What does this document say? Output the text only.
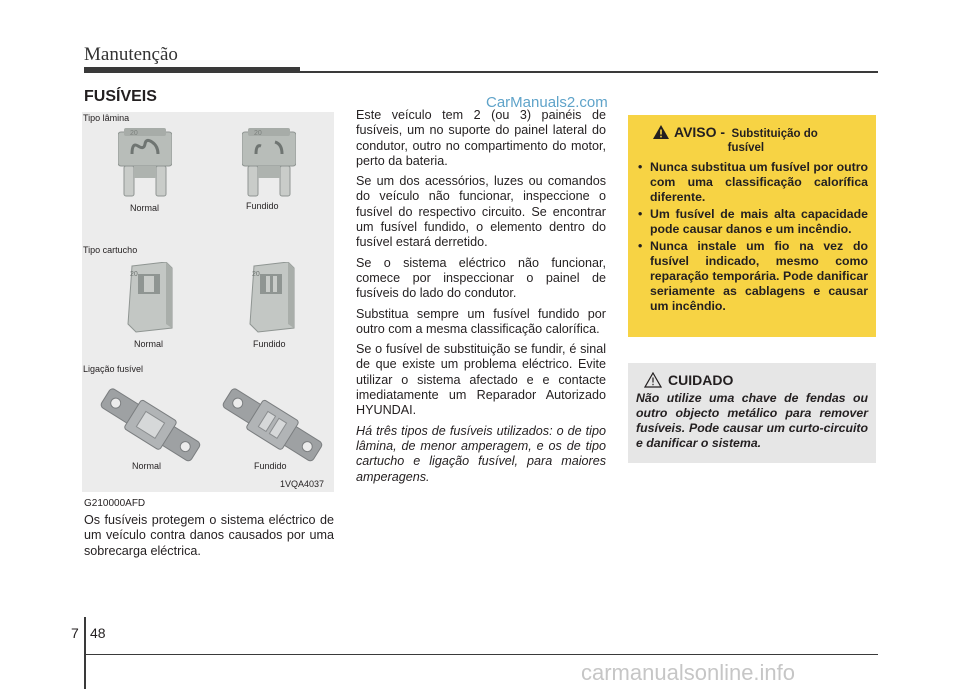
Manutenção
FUSÍVEIS	CarManuals2.com
Tipo lâmina
20
Normal
20
Fundido
Tipo cartucho
20
Normal
20
Fundido
Ligação fusível
Normal	Fundido
1VQA4037
G210000AFD

Os fusíveis protegem o sistema eléctrico de um veículo contra danos causados por uma sobrecarga eléctrica.

Este veículo tem 2 (ou 3) painéis de fusíveis, um no suporte do painel lateral do condutor, outro no compartimento do motor, perto da bateria.

Se um dos acessórios, luzes ou comandos do veículo não funcionar, inspeccione o fusível do respectivo circuito. Se encontrar um fusível fundido, o elemento dentro do fusível estará derretido.

Se o sistema eléctrico não funcionar, comece por inspeccionar o painel de fusíveis do lado do condutor.

Substitua sempre um fusível fundido por outro com a mesma classificação calorífica.

Se o fusível de substituição se fundir, é sinal de que existe um problema eléctrico. Evite utilizar o sistema afectado e e contacte imediatamente um Reparador Autorizado HYUNDAI.

Há três tipos de fusíveis utilizados: o de tipo lâmina, de menor amperagem, e os de tipo cartucho e ligação fusível, para maiores amperagens.

AVISO - Substituição do
fusível
• Nunca substitua um fusível por outro com uma classificação calorífica diferente.
• Um fusível de mais alta capacidade pode causar danos e um incêndio.
• Nunca instale um fio na vez do fusível indicado, mesmo como reparação temporária. Pode danificar seriamente as cablagens e causar um incêndio.
CUIDADO

Não utilize uma chave de fendas ou outro objecto metálico para remover fusíveis. Pode causar um curto-circuito e danificar o sistema.

7 48
carmanualsonline.info
